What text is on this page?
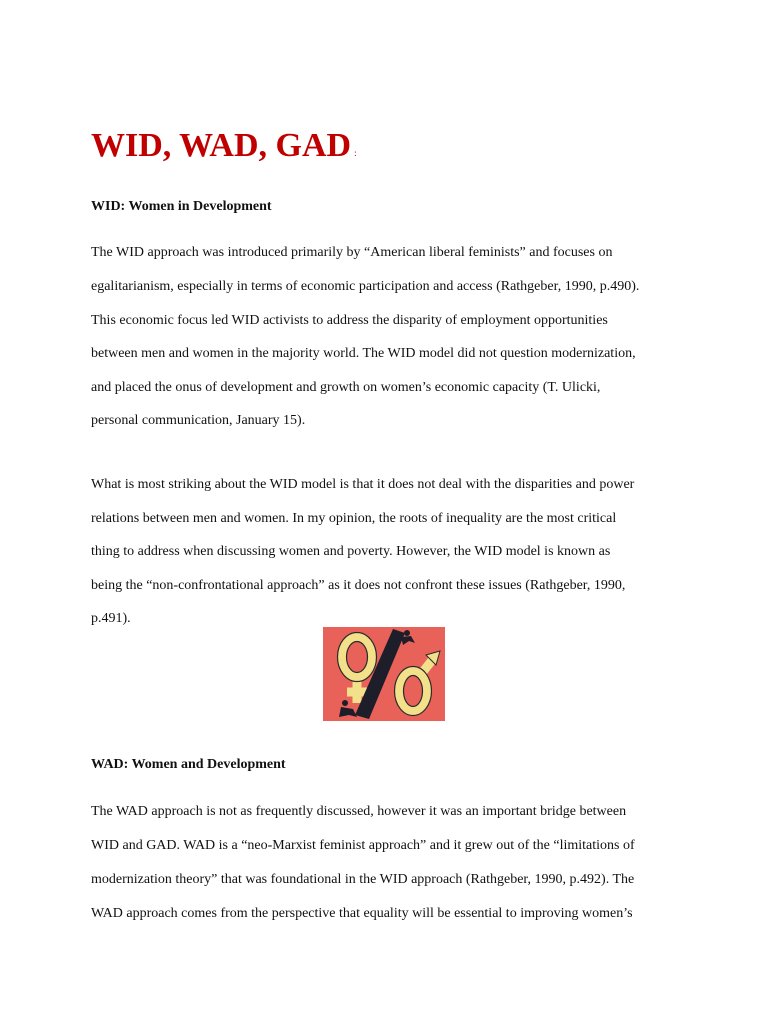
WID, WAD, GAD :
WID: Women in Development

The WID approach was introduced primarily by “American liberal feminists” and focuses on

egalitarianism, especially in terms of economic participation and access (Rathgeber, 1990, p.490).

This economic focus led WID activists to address the disparity of employment opportunities

between men and women in the majority world. The WID model did not question modernization,

and placed the onus of development and growth on women’s economic capacity (T. Ulicki,

personal communication, January 15).

What is most striking about the WID model is that it does not deal with the disparities and power

relations between men and women. In my opinion, the roots of inequality are the most critical

thing to address when discussing women and poverty. However, the WID model is known as

being the “non-confrontational approach” as it does not confront these issues (Rathgeber, 1990,

p.491).

WAD: Women and Development

The WAD approach is not as frequently discussed, however it was an important bridge between

WID and GAD. WAD is a “neo-Marxist feminist approach” and it grew out of the “limitations of

modernization theory” that was foundational in the WID approach (Rathgeber, 1990, p.492). The

WAD approach comes from the perspective that equality will be essential to improving women’s
